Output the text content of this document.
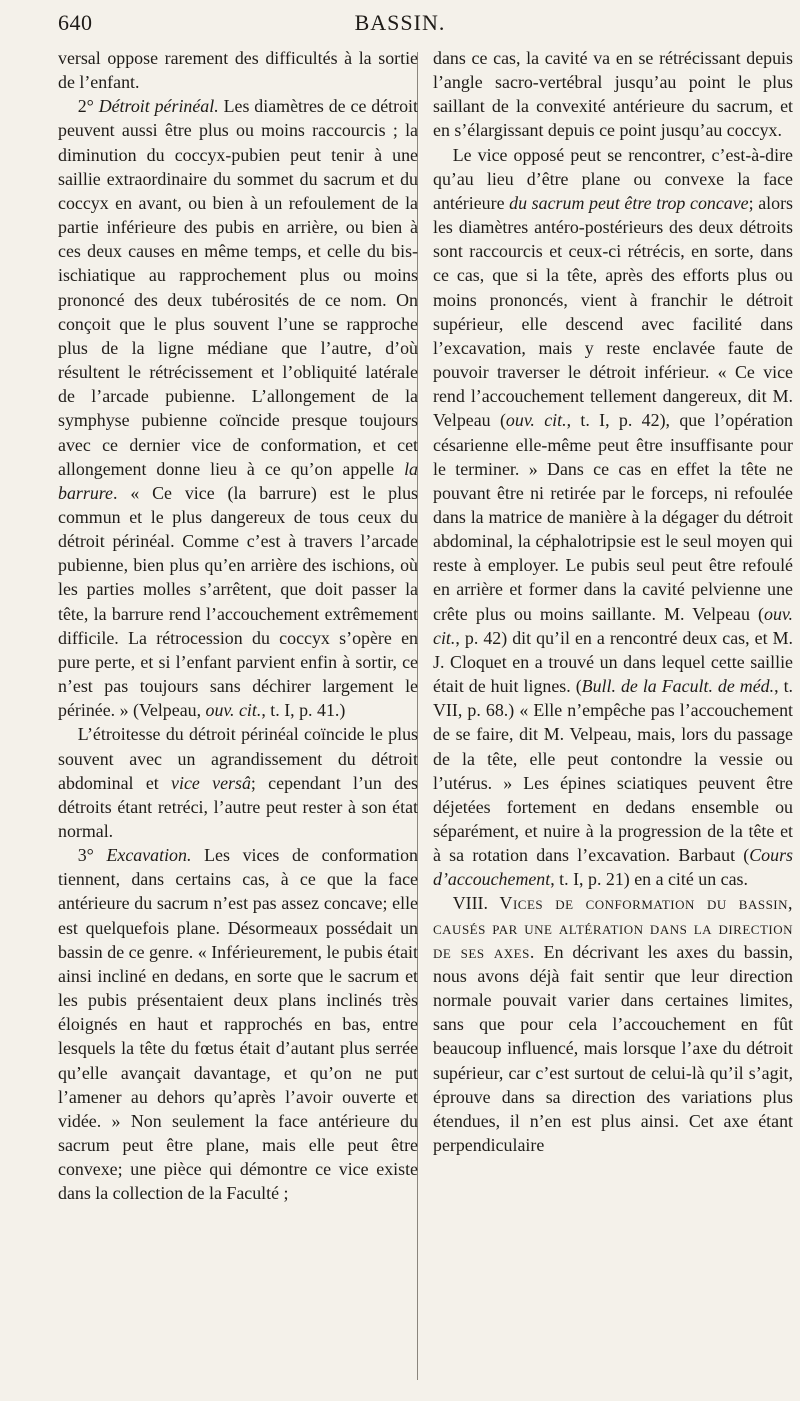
640	BASSIN.

versal oppose rarement des difficultés à la sortie de l’enfant.

2° Détroit périnéal. Les diamètres de ce détroit peuvent aussi être plus ou moins raccourcis ; la diminution du coccyx-pubien peut tenir à une saillie extraordinaire du sommet du sacrum et du coccyx en avant, ou bien à un refoulement de la partie inférieure des pubis en arrière, ou bien à ces deux causes en même temps, et celle du bis-ischiatique au rapprochement plus ou moins prononcé des deux tubérosités de ce nom. On conçoit que le plus souvent l’une se rapproche plus de la ligne médiane que l’autre, d’où résultent le rétrécissement et l’obliquité latérale de l’arcade pubienne. L’allongement de la symphyse pubienne coïncide presque toujours avec ce dernier vice de conformation, et cet allongement donne lieu à ce qu’on appelle la barrure. « Ce vice (la barrure) est le plus commun et le plus dangereux de tous ceux du détroit périnéal. Comme c’est à travers l’arcade pubienne, bien plus qu’en arrière des ischions, où les parties molles s’arrêtent, que doit passer la tête, la barrure rend l’accouchement extrêmement difficile. La rétrocession du coccyx s’opère en pure perte, et si l’enfant parvient enfin à sortir, ce n’est pas toujours sans déchirer largement le périnée. » (Velpeau, ouv. cit., t. I, p. 41.)

L’étroitesse du détroit périnéal coïncide le plus souvent avec un agrandissement du détroit abdominal et vice versâ; cependant l’un des détroits étant retréci, l’autre peut rester à son état normal.

3° Excavation. Les vices de conformation tiennent, dans certains cas, à ce que la face antérieure du sacrum n’est pas assez concave; elle est quelquefois plane. Désormeaux possédait un bassin de ce genre. « Inférieurement, le pubis était ainsi incliné en dedans, en sorte que le sacrum et les pubis présentaient deux plans inclinés très éloignés en haut et rapprochés en bas, entre lesquels la tête du fœtus était d’autant plus serrée qu’elle avançait davantage, et qu’on ne put l’amener au dehors qu’après l’avoir ouverte et vidée. » Non seulement la face antérieure du sacrum peut être plane, mais elle peut être convexe; une pièce qui démontre ce vice existe dans la collection de la Faculté ;

dans ce cas, la cavité va en se rétrécissant depuis l’angle sacro-vertébral jusqu’au point le plus saillant de la convexité antérieure du sacrum, et en s’élargissant depuis ce point jusqu’au coccyx.

Le vice opposé peut se rencontrer, c’est-à-dire qu’au lieu d’être plane ou convexe la face antérieure du sacrum peut être trop concave; alors les diamètres antéro-postérieurs des deux détroits sont raccourcis et ceux-ci rétrécis, en sorte, dans ce cas, que si la tête, après des efforts plus ou moins prononcés, vient à franchir le détroit supérieur, elle descend avec facilité dans l’excavation, mais y reste enclavée faute de pouvoir traverser le détroit inférieur. « Ce vice rend l’accouchement tellement dangereux, dit M. Velpeau (ouv. cit., t. I, p. 42), que l’opération césarienne elle-même peut être insuffisante pour le terminer. » Dans ce cas en effet la tête ne pouvant être ni retirée par le forceps, ni refoulée dans la matrice de manière à la dégager du détroit abdominal, la céphalotripsie est le seul moyen qui reste à employer. Le pubis seul peut être refoulé en arrière et former dans la cavité pelvienne une crête plus ou moins saillante. M. Velpeau (ouv. cit., p. 42) dit qu’il en a rencontré deux cas, et M. J. Cloquet en a trouvé un dans lequel cette saillie était de huit lignes. (Bull. de la Facult. de méd., t. VII, p. 68.) « Elle n’empêche pas l’accouchement de se faire, dit M. Velpeau, mais, lors du passage de la tête, elle peut contondre la vessie ou l’utérus. » Les épines sciatiques peuvent être déjetées fortement en dedans ensemble ou séparément, et nuire à la progression de la tête et à sa rotation dans l’excavation. Barbaut (Cours d’accouchement, t. I, p. 21) en a cité un cas.

VIII. Vices de conformation du bassin, causés par une altération dans la direction de ses axes. En décrivant les axes du bassin, nous avons déjà fait sentir que leur direction normale pouvait varier dans certaines limites, sans que pour cela l’accouchement en fût beaucoup influencé, mais lorsque l’axe du détroit supérieur, car c’est surtout de celui-là qu’il s’agit, éprouve dans sa direction des variations plus étendues, il n’en est plus ainsi. Cet axe étant perpendiculaire
